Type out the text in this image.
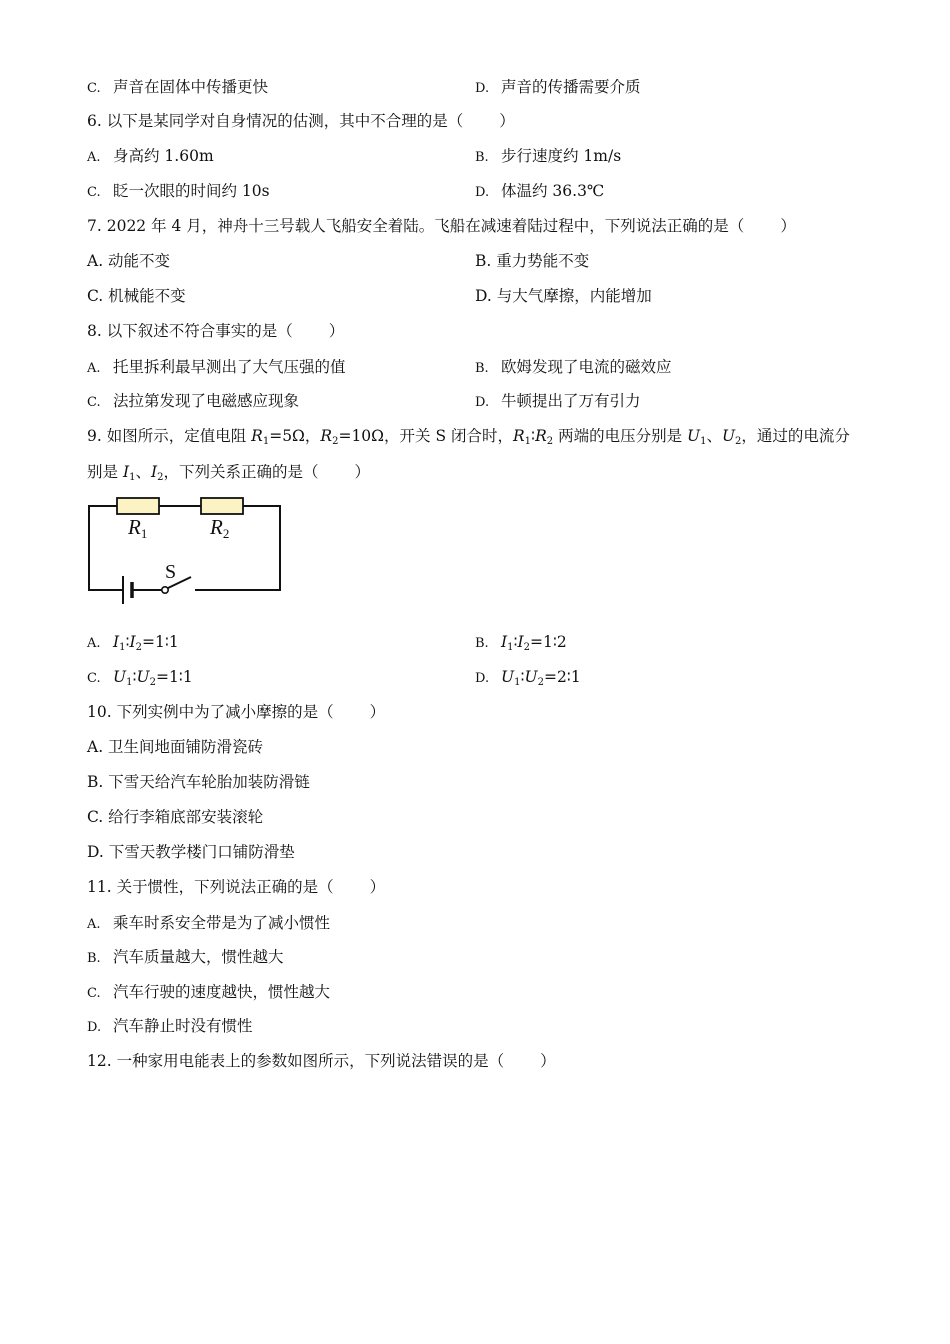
C. 声音在固体中传播更快	D. 声音的传播需要介质
6. 以下是某同学对自身情况的估测，其中不合理的是（ ）
A. 身高约 1.60m	B. 步行速度约 1m/s
C. 眨一次眼的时间约 10s	D. 体温约 36.3℃
7. 2022 年 4 月，神舟十三号载人飞船安全着陆。飞船在减速着陆过程中，下列说法正确的是（ ）
A. 动能不变	B. 重力势能不变
C. 机械能不变	D. 与大气摩擦，内能增加
8. 以下叙述不符合事实的是（ ）
A. 托里拆利最早测出了大气压强的值	B. 欧姆发现了电流的磁效应
C. 法拉第发现了电磁感应现象	D. 牛顿提出了万有引力
9. 如图所示，定值电阻 $R_1=5\Omega$，$R_2=10\Omega$，开关 S 闭合时，$R_1∶R_2$ 两端的电压分别是 $U_1$、$U_2$，通过的电流分
别是 $I_1$、$I_2$，下列关系正确的是（ ）
R1	R2
S
A. $I_1∶I_2=1∶1$	B. $I_1∶I_2=1∶2$
C. $U_1∶U_2=1∶1$	D. $U_1∶U_2=2∶1$
10. 下列实例中为了减小摩擦的是（ ）
A. 卫生间地面铺防滑瓷砖
B. 下雪天给汽车轮胎加装防滑链
C. 给行李箱底部安装滚轮
D. 下雪天教学楼门口铺防滑垫
11. 关于惯性，下列说法正确的是（ ）
A. 乘车时系安全带是为了减小惯性
B. 汽车质量越大，惯性越大
C. 汽车行驶的速度越快，惯性越大
D. 汽车静止时没有惯性
12. 一种家用电能表上的参数如图所示，下列说法错误的是（ ）
